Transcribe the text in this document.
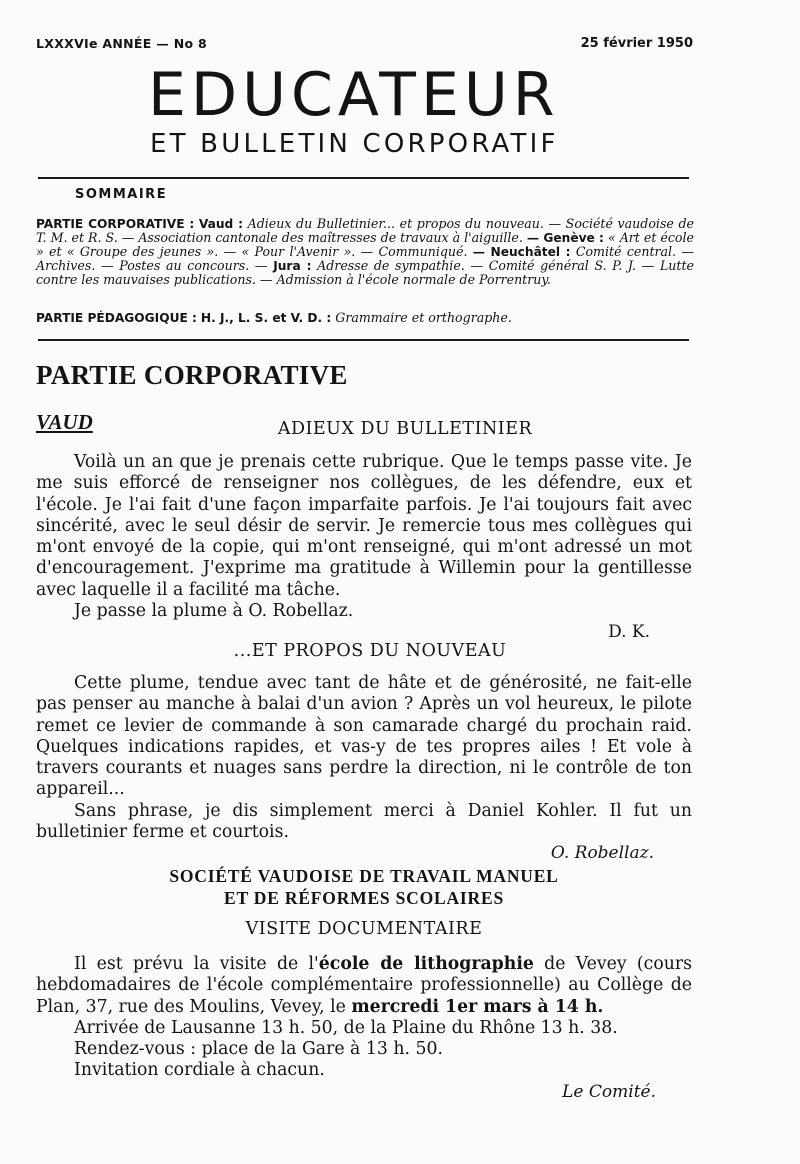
LXXXVIe ANNÉE — No 8	25 février 1950
EDUCATEUR
ET BULLETIN CORPORATIF
SOMMAIRE
PARTIE CORPORATIVE : Vaud : Adieux du Bulletinier... et propos du nouveau. — Société vaudoise de T. M. et R. S. — Association cantonale des maîtresses de travaux à l'aiguille. — Genève : « Art et école » et « Groupe des jeunes ». — « Pour l'Avenir ». — Communiqué. — Neuchâtel : Comité central. — Archives. — Postes au concours. — Jura : Adresse de sympathie. — Comité général S. P. J. — Lutte contre les mauvaises publications. — Admission à l'école normale de Porrentruy.
PARTIE PÉDAGOGIQUE : H. J., L. S. et V. D. : Grammaire et orthographe.
PARTIE CORPORATIVE
VAUD	ADIEUX DU BULLETINIER

Voilà un an que je prenais cette rubrique. Que le temps passe vite. Je me suis efforcé de renseigner nos collègues, de les défendre, eux et l'école. Je l'ai fait d'une façon imparfaite parfois. Je l'ai toujours fait avec sincérité, avec le seul désir de servir. Je remercie tous mes collègues qui m'ont envoyé de la copie, qui m'ont renseigné, qui m'ont adressé un mot d'encouragement. J'exprime ma gratitude à Willemin pour la gentillesse avec laquelle il a facilité ma tâche.

Je passe la plume à O. Robellaz.

D. K.
...ET PROPOS DU NOUVEAU

Cette plume, tendue avec tant de hâte et de générosité, ne fait-elle pas penser au manche à balai d'un avion ? Après un vol heureux, le pilote remet ce levier de commande à son camarade chargé du prochain raid. Quelques indications rapides, et vas-y de tes propres ailes ! Et vole à travers courants et nuages sans perdre la direction, ni le contrôle de ton appareil...

Sans phrase, je dis simplement merci à Daniel Kohler. Il fut un bulletinier ferme et courtois.

O. Robellaz.
SOCIÉTÉ VAUDOISE DE TRAVAIL MANUEL
ET DE RÉFORMES SCOLAIRES
VISITE DOCUMENTAIRE

Il est prévu la visite de l'école de lithographie de Vevey (cours hebdomadaires de l'école complémentaire professionnelle) au Collège de Plan, 37, rue des Moulins, Vevey, le mercredi 1er mars à 14 h.

Arrivée de Lausanne 13 h. 50, de la Plaine du Rhône 13 h. 38.

Rendez-vous : place de la Gare à 13 h. 50.

Invitation cordiale à chacun.

Le Comité.
